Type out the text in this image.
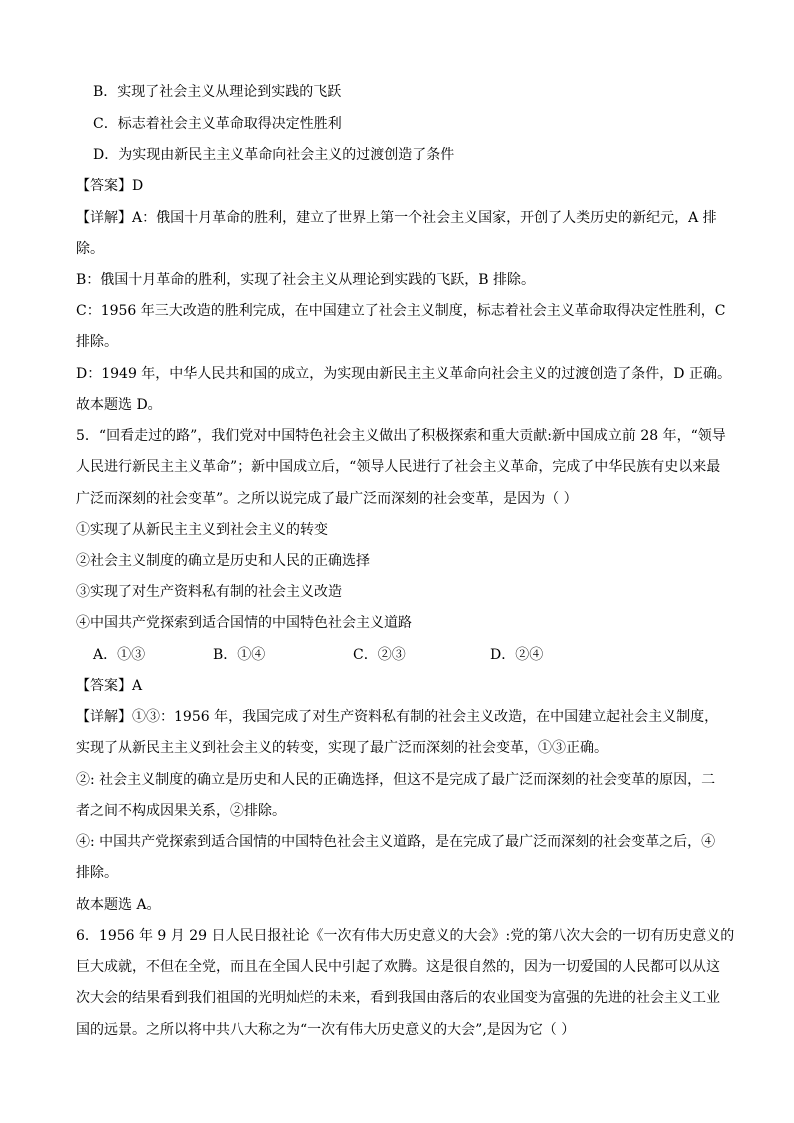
B．实现了社会主义从理论到实践的飞跃
C．标志着社会主义革命取得决定性胜利
D．为实现由新民主主义革命向社会主义的过渡创造了条件
【答案】D
【详解】A：俄国十月革命的胜利，建立了世界上第一个社会主义国家，开创了人类历史的新纪元，A 排
除。
B：俄国十月革命的胜利，实现了社会主义从理论到实践的飞跃，B 排除。
C：1956 年三大改造的胜利完成，在中国建立了社会主义制度，标志着社会主义革命取得决定性胜利，C
排除。
D：1949 年，中华人民共和国的成立，为实现由新民主主义革命向社会主义的过渡创造了条件，D 正确。
故本题选 D。
5．“回看走过的路”，我们党对中国特色社会主义做出了积极探索和重大贡献:新中国成立前 28 年，“领导
人民进行新民主主义革命”；新中国成立后，“领导人民进行了社会主义革命，完成了中华民族有史以来最
广泛而深刻的社会变革”。之所以说完成了最广泛而深刻的社会变革，是因为（ ）
①实现了从新民主主义到社会主义的转变
②社会主义制度的确立是历史和人民的正确选择
③实现了对生产资料私有制的社会主义改造
④中国共产党探索到适合国情的中国特色社会主义道路
A．①③	B．①④	C．②③	D．②④
【答案】A
【详解】①③：1956 年，我国完成了对生产资料私有制的社会主义改造，在中国建立起社会主义制度，
实现了从新民主主义到社会主义的转变，实现了最广泛而深刻的社会变革，①③正确。
②: 社会主义制度的确立是历史和人民的正确选择，但这不是完成了最广泛而深刻的社会变革的原因，二
者之间不构成因果关系，②排除。
④: 中国共产党探索到适合国情的中国特色社会主义道路，是在完成了最广泛而深刻的社会变革之后，④
排除。
故本题选 A。
6．1956 年 9 月 29 日人民日报社论《一次有伟大历史意义的大会》:党的第八次大会的一切有历史意义的
巨大成就，不但在全党，而且在全国人民中引起了欢腾。这是很自然的，因为一切爱国的人民都可以从这
次大会的结果看到我们祖国的光明灿烂的未来，看到我国由落后的农业国变为富强的先进的社会主义工业
国的远景。之所以将中共八大称之为“一次有伟大历史意义的大会”,是因为它（ ）
